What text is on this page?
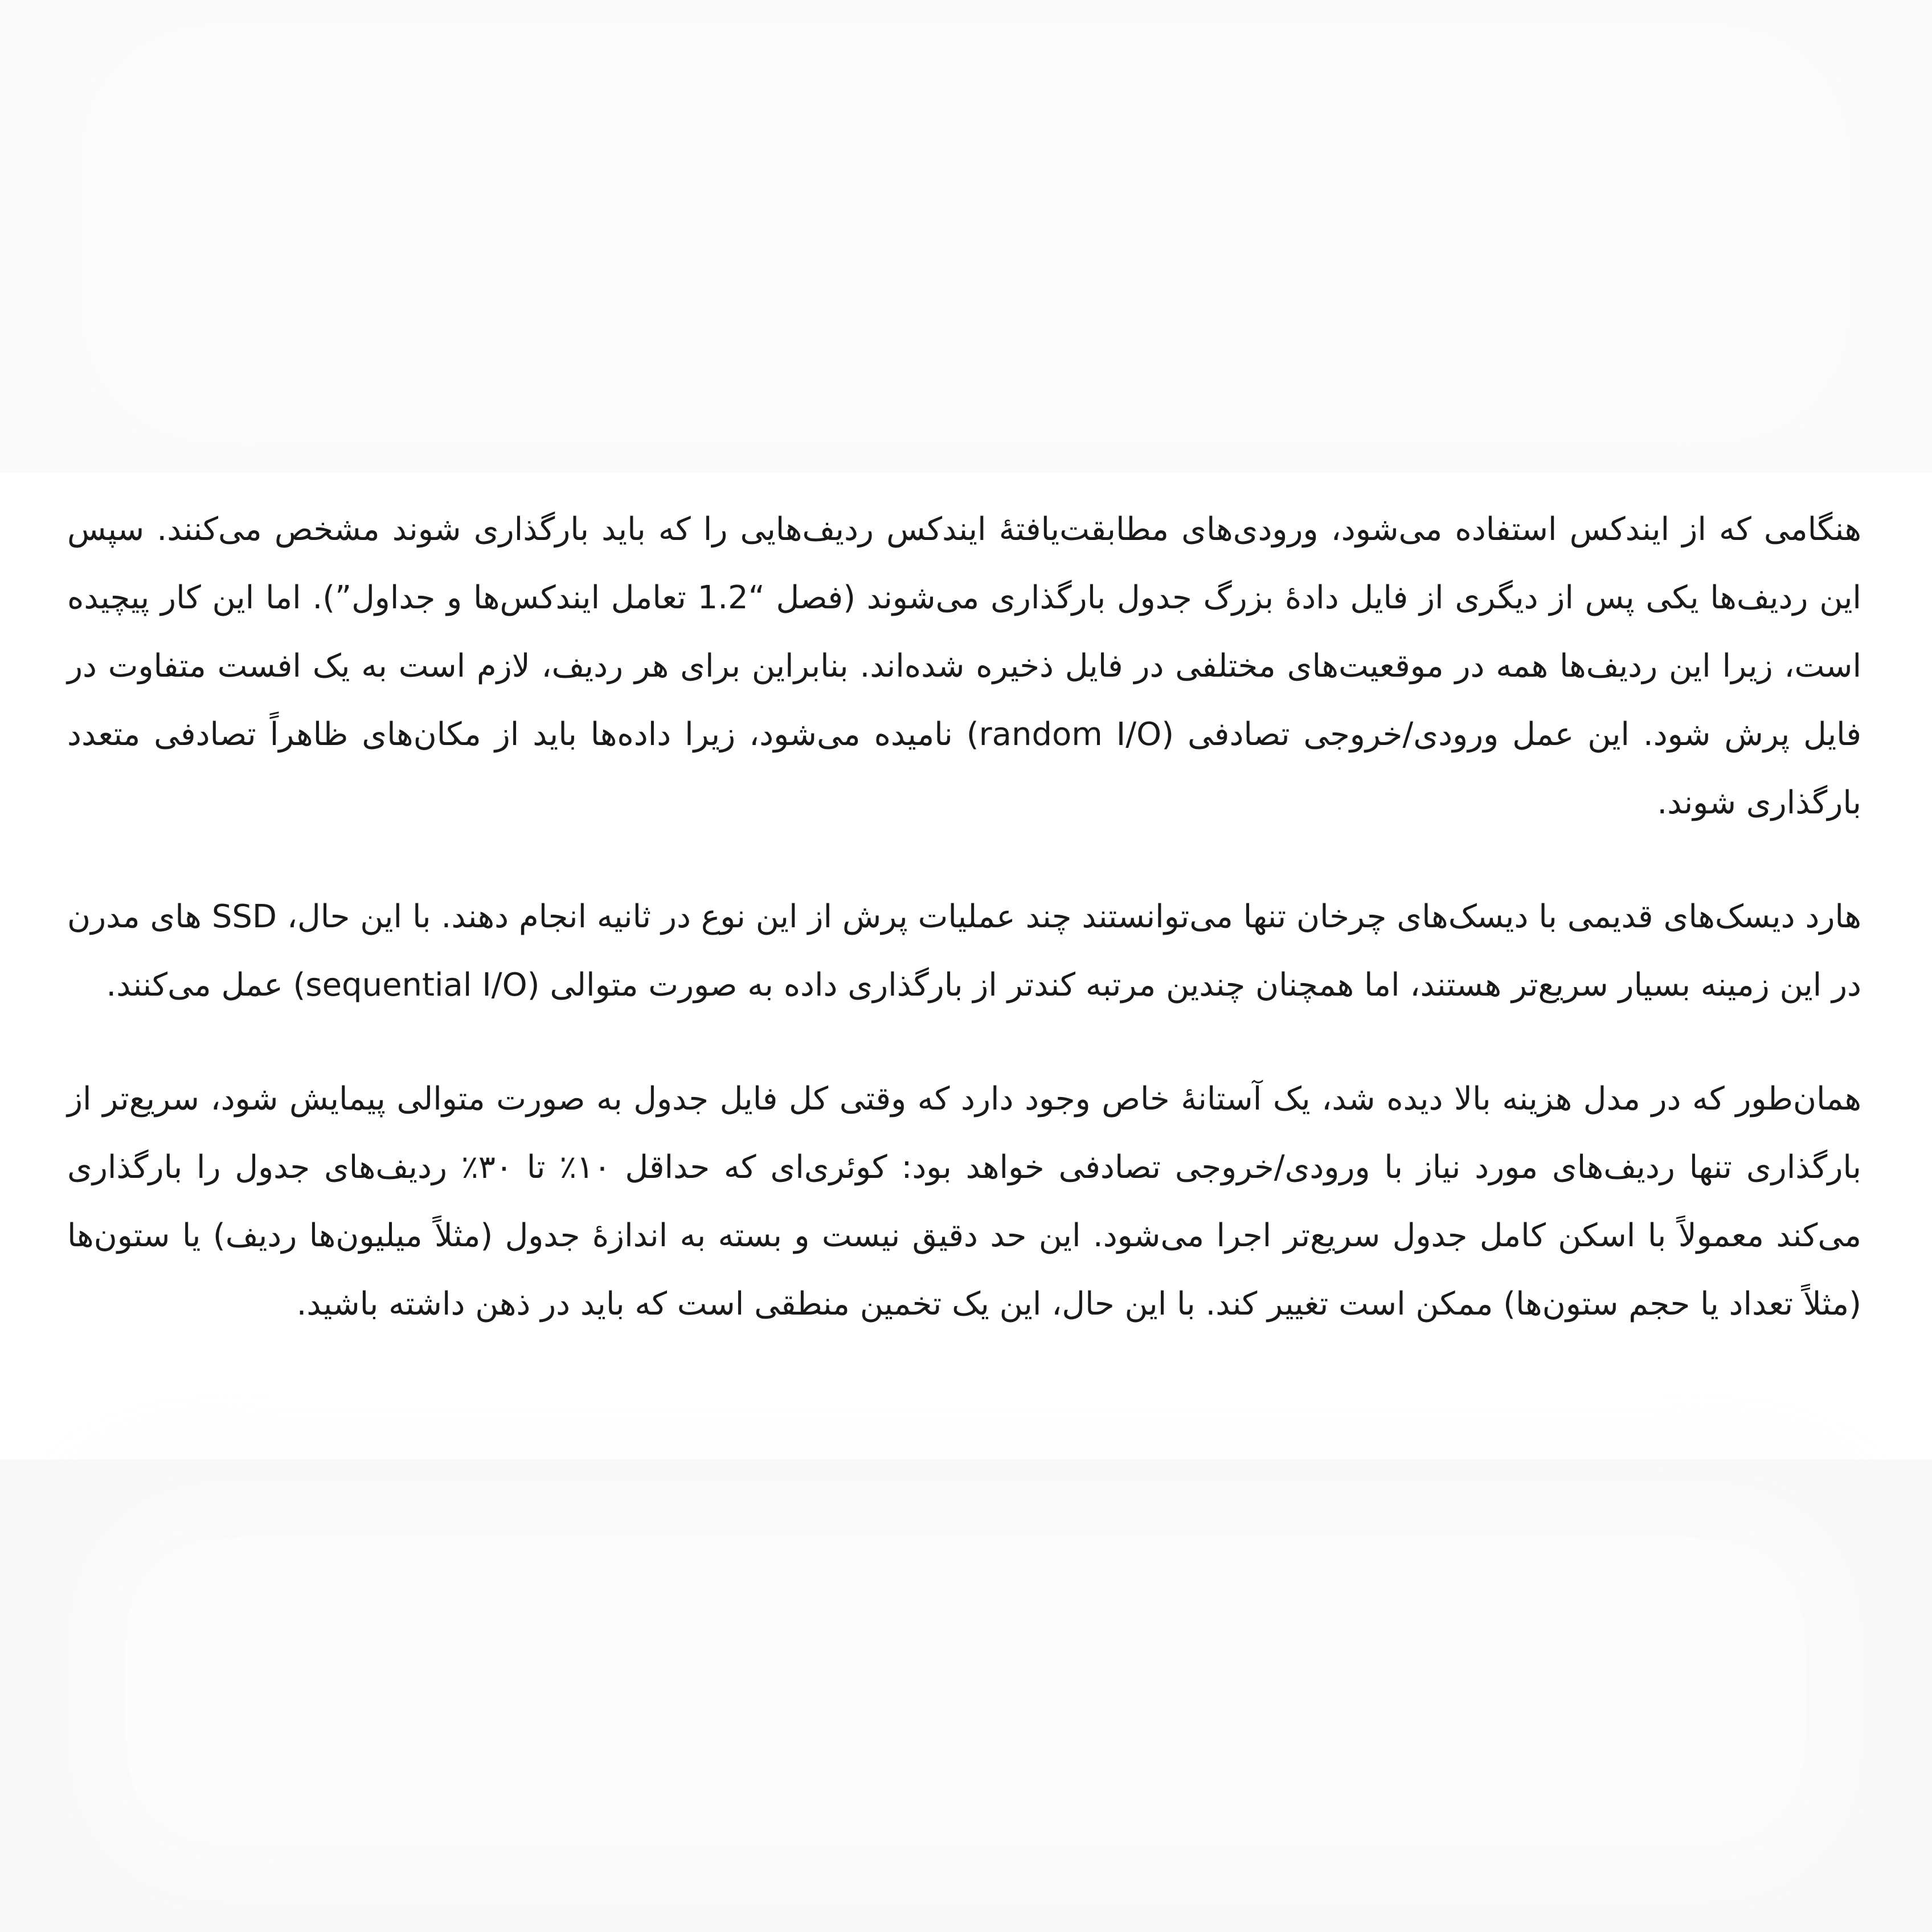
هنگامی که از ایندکس استفاده می‌شود، ورودی‌های مطابقت‌یافتهٔ ایندکس ردیف‌هایی را که باید بارگذاری شوند مشخص می‌کنند. سپس این ردیف‌ها یکی پس از دیگری از فایل دادهٔ بزرگ جدول بارگذاری می‌شوند (فصل “1.2 تعامل ایندکس‌ها و جداول”). اما این کار پیچیده است، زیرا این ردیف‌ها همه در موقعیت‌های مختلفی در فایل ذخیره شده‌اند. بنابراین برای هر ردیف، لازم است به یک افست متفاوت در فایل پرش شود. این عمل ورودی/خروجی تصادفی (random I/O) نامیده می‌شود، زیرا داده‌ها باید از مکان‌های ظاهراً تصادفی متعدد بارگذاری شوند.

هارد دیسک‌های قدیمی با دیسک‌های چرخان تنها می‌توانستند چند عملیات پرش از این نوع در ثانیه انجام دهند. با این حال، SSD های مدرن در این زمینه بسیار سریع‌تر هستند، اما همچنان چندین مرتبه کندتر از بارگذاری داده به صورت متوالی (sequential I/O) عمل می‌کنند.

همان‌طور که در مدل هزینه بالا دیده شد، یک آستانهٔ خاص وجود دارد که وقتی کل فایل جدول به صورت متوالی پیمایش شود، سریع‌تر از بارگذاری تنها ردیف‌های مورد نیاز با ورودی/خروجی تصادفی خواهد بود: کوئری‌ای که حداقل ۱۰٪ تا ۳۰٪ ردیف‌های جدول را بارگذاری می‌کند معمولاً با اسکن کامل جدول سریع‌تر اجرا می‌شود. این حد دقیق نیست و بسته به اندازهٔ جدول (مثلاً میلیون‌ها ردیف) یا ستون‌ها (مثلاً تعداد یا حجم ستون‌ها) ممکن است تغییر کند. با این حال، این یک تخمین منطقی است که باید در ذهن داشته باشید.
